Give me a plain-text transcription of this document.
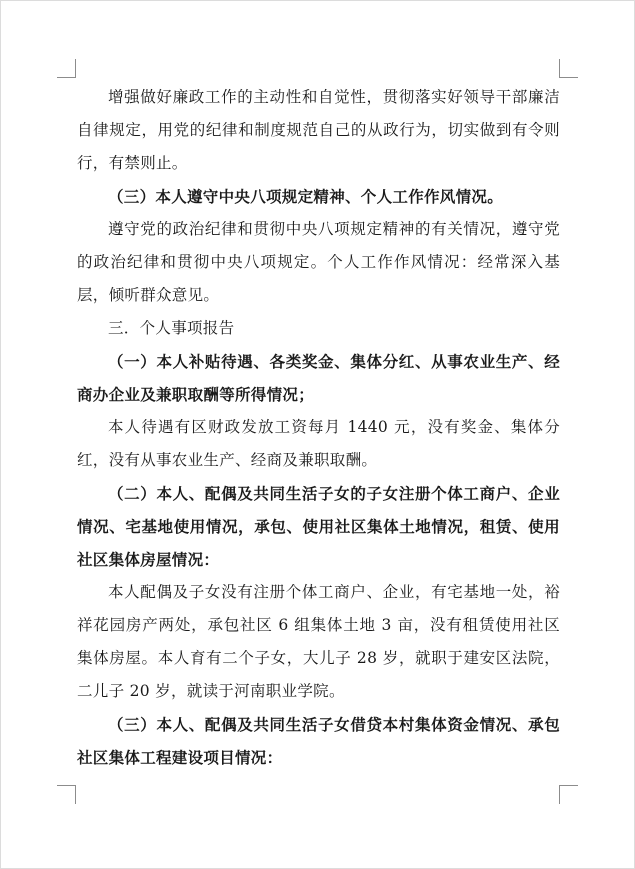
增强做好廉政工作的主动性和自觉性，贯彻落实好领导干部廉洁自律规定，用党的纪律和制度规范自己的从政行为，切实做到有令则行，有禁则止。

（三）本人遵守中央八项规定精神、个人工作作风情况。

遵守党的政治纪律和贯彻中央八项规定精神的有关情况，遵守党的政治纪律和贯彻中央八项规定。个人工作作风情况：经常深入基层，倾听群众意见。

三．个人事项报告

（一）本人补贴待遇、各类奖金、集体分红、从事农业生产、经商办企业及兼职取酬等所得情况；

本人待遇有区财政发放工资每月 1440 元，没有奖金、集体分红，没有从事农业生产、经商及兼职取酬。

（二）本人、配偶及共同生活子女的子女注册个体工商户、企业情况、宅基地使用情况，承包、使用社区集体土地情况，租赁、使用社区集体房屋情况：

本人配偶及子女没有注册个体工商户、企业，有宅基地一处，裕祥花园房产两处，承包社区 6 组集体土地 3 亩，没有租赁使用社区集体房屋。本人育有二个子女，大儿子 28 岁，就职于建安区法院，二儿子 20 岁，就读于河南职业学院。

（三）本人、配偶及共同生活子女借贷本村集体资金情况、承包社区集体工程建设项目情况：
